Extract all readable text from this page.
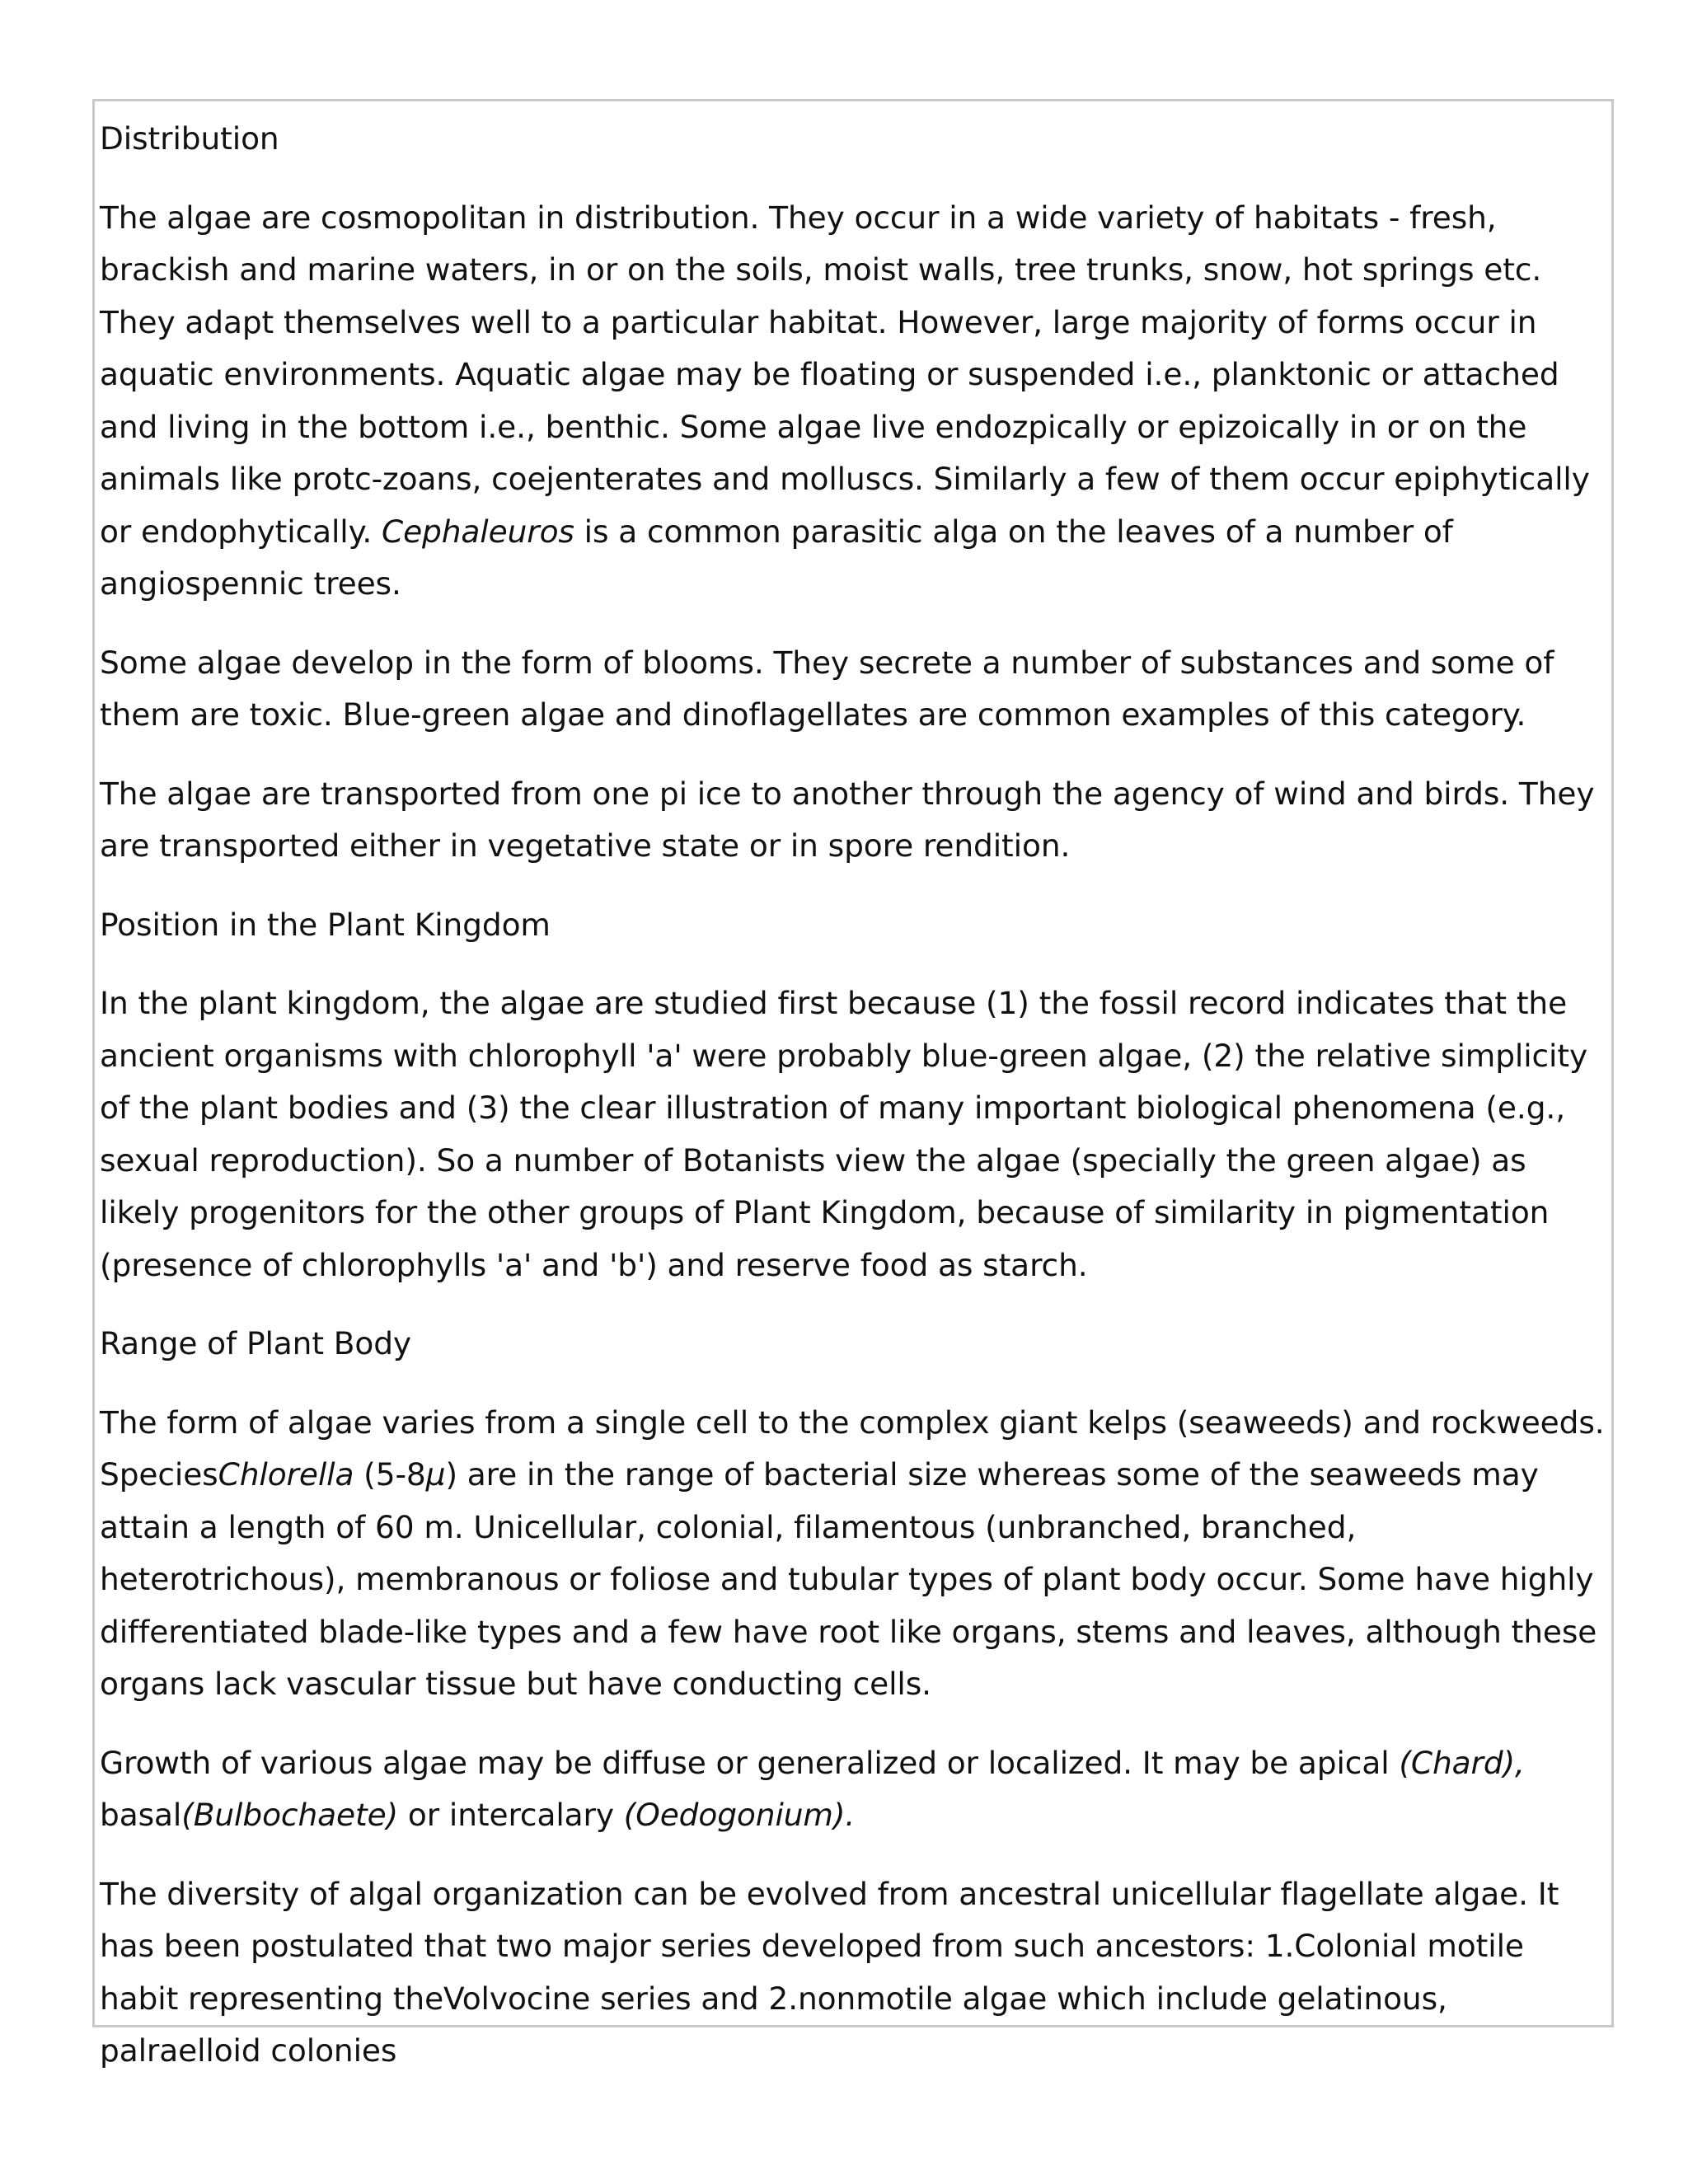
Distribution

The algae are cosmopolitan in distribution. They occur in a wide variety of habitats - fresh, brackish and marine waters, in or on the soils, moist walls, tree trunks, snow, hot springs etc. They adapt themselves well to a particular habitat. However, large majority of forms occur in aquatic environments. Aquatic algae may be floating or suspended i.e., planktonic or attached and living in the bottom i.e., benthic. Some algae live endozpically or epizoically in or on the animals like protc-zoans, coejenterates and molluscs. Similarly a few of them occur epiphytically or endophytically. Cephaleuros is a common parasitic alga on the leaves of a number of angiospennic trees.

Some algae develop in the form of blooms. They secrete a number of substances and some of them are toxic. Blue-green algae and dinoflagellates are common examples of this category.

The algae are transported from one pi ice to another through the agency of wind and birds. They are transported either in vegetative state or in spore rendition.

Position in the Plant Kingdom

In the plant kingdom, the algae are studied first because (1) the fossil record indicates that the ancient organisms with chlorophyll 'a' were probably blue-green algae, (2) the relative simplicity of the plant bodies and (3) the clear illustration of many important biological phenomena (e.g., sexual reproduction). So a number of Botanists view the algae (specially the green algae) as likely progenitors for the other groups of Plant Kingdom, because of similarity in pigmentation (presence of chlorophylls 'a' and 'b') and reserve food as starch.

Range of Plant Body

The form of algae varies from a single cell to the complex giant kelps (seaweeds) and rockweeds. SpeciesChlorella (5-8µ) are in the range of bacterial size whereas some of the seaweeds may attain a length of 60 m. Unicellular, colonial, filamentous (unbranched, branched, heterotrichous), membranous or foliose and tubular types of plant body occur. Some have highly differentiated blade-like types and a few have root like organs, stems and leaves, although these organs lack vascular tissue but have conducting cells.

Growth of various algae may be diffuse or generalized or localized. It may be apical (Chard), basal(Bulbochaete) or intercalary (Oedogonium).

The diversity of algal organization can be evolved from ancestral unicellular flagellate algae. It has been postulated that two major series developed from such ancestors: 1.Colonial motile habit representing theVolvocine series and 2.nonmotile algae which include gelatinous, palraelloid colonies
